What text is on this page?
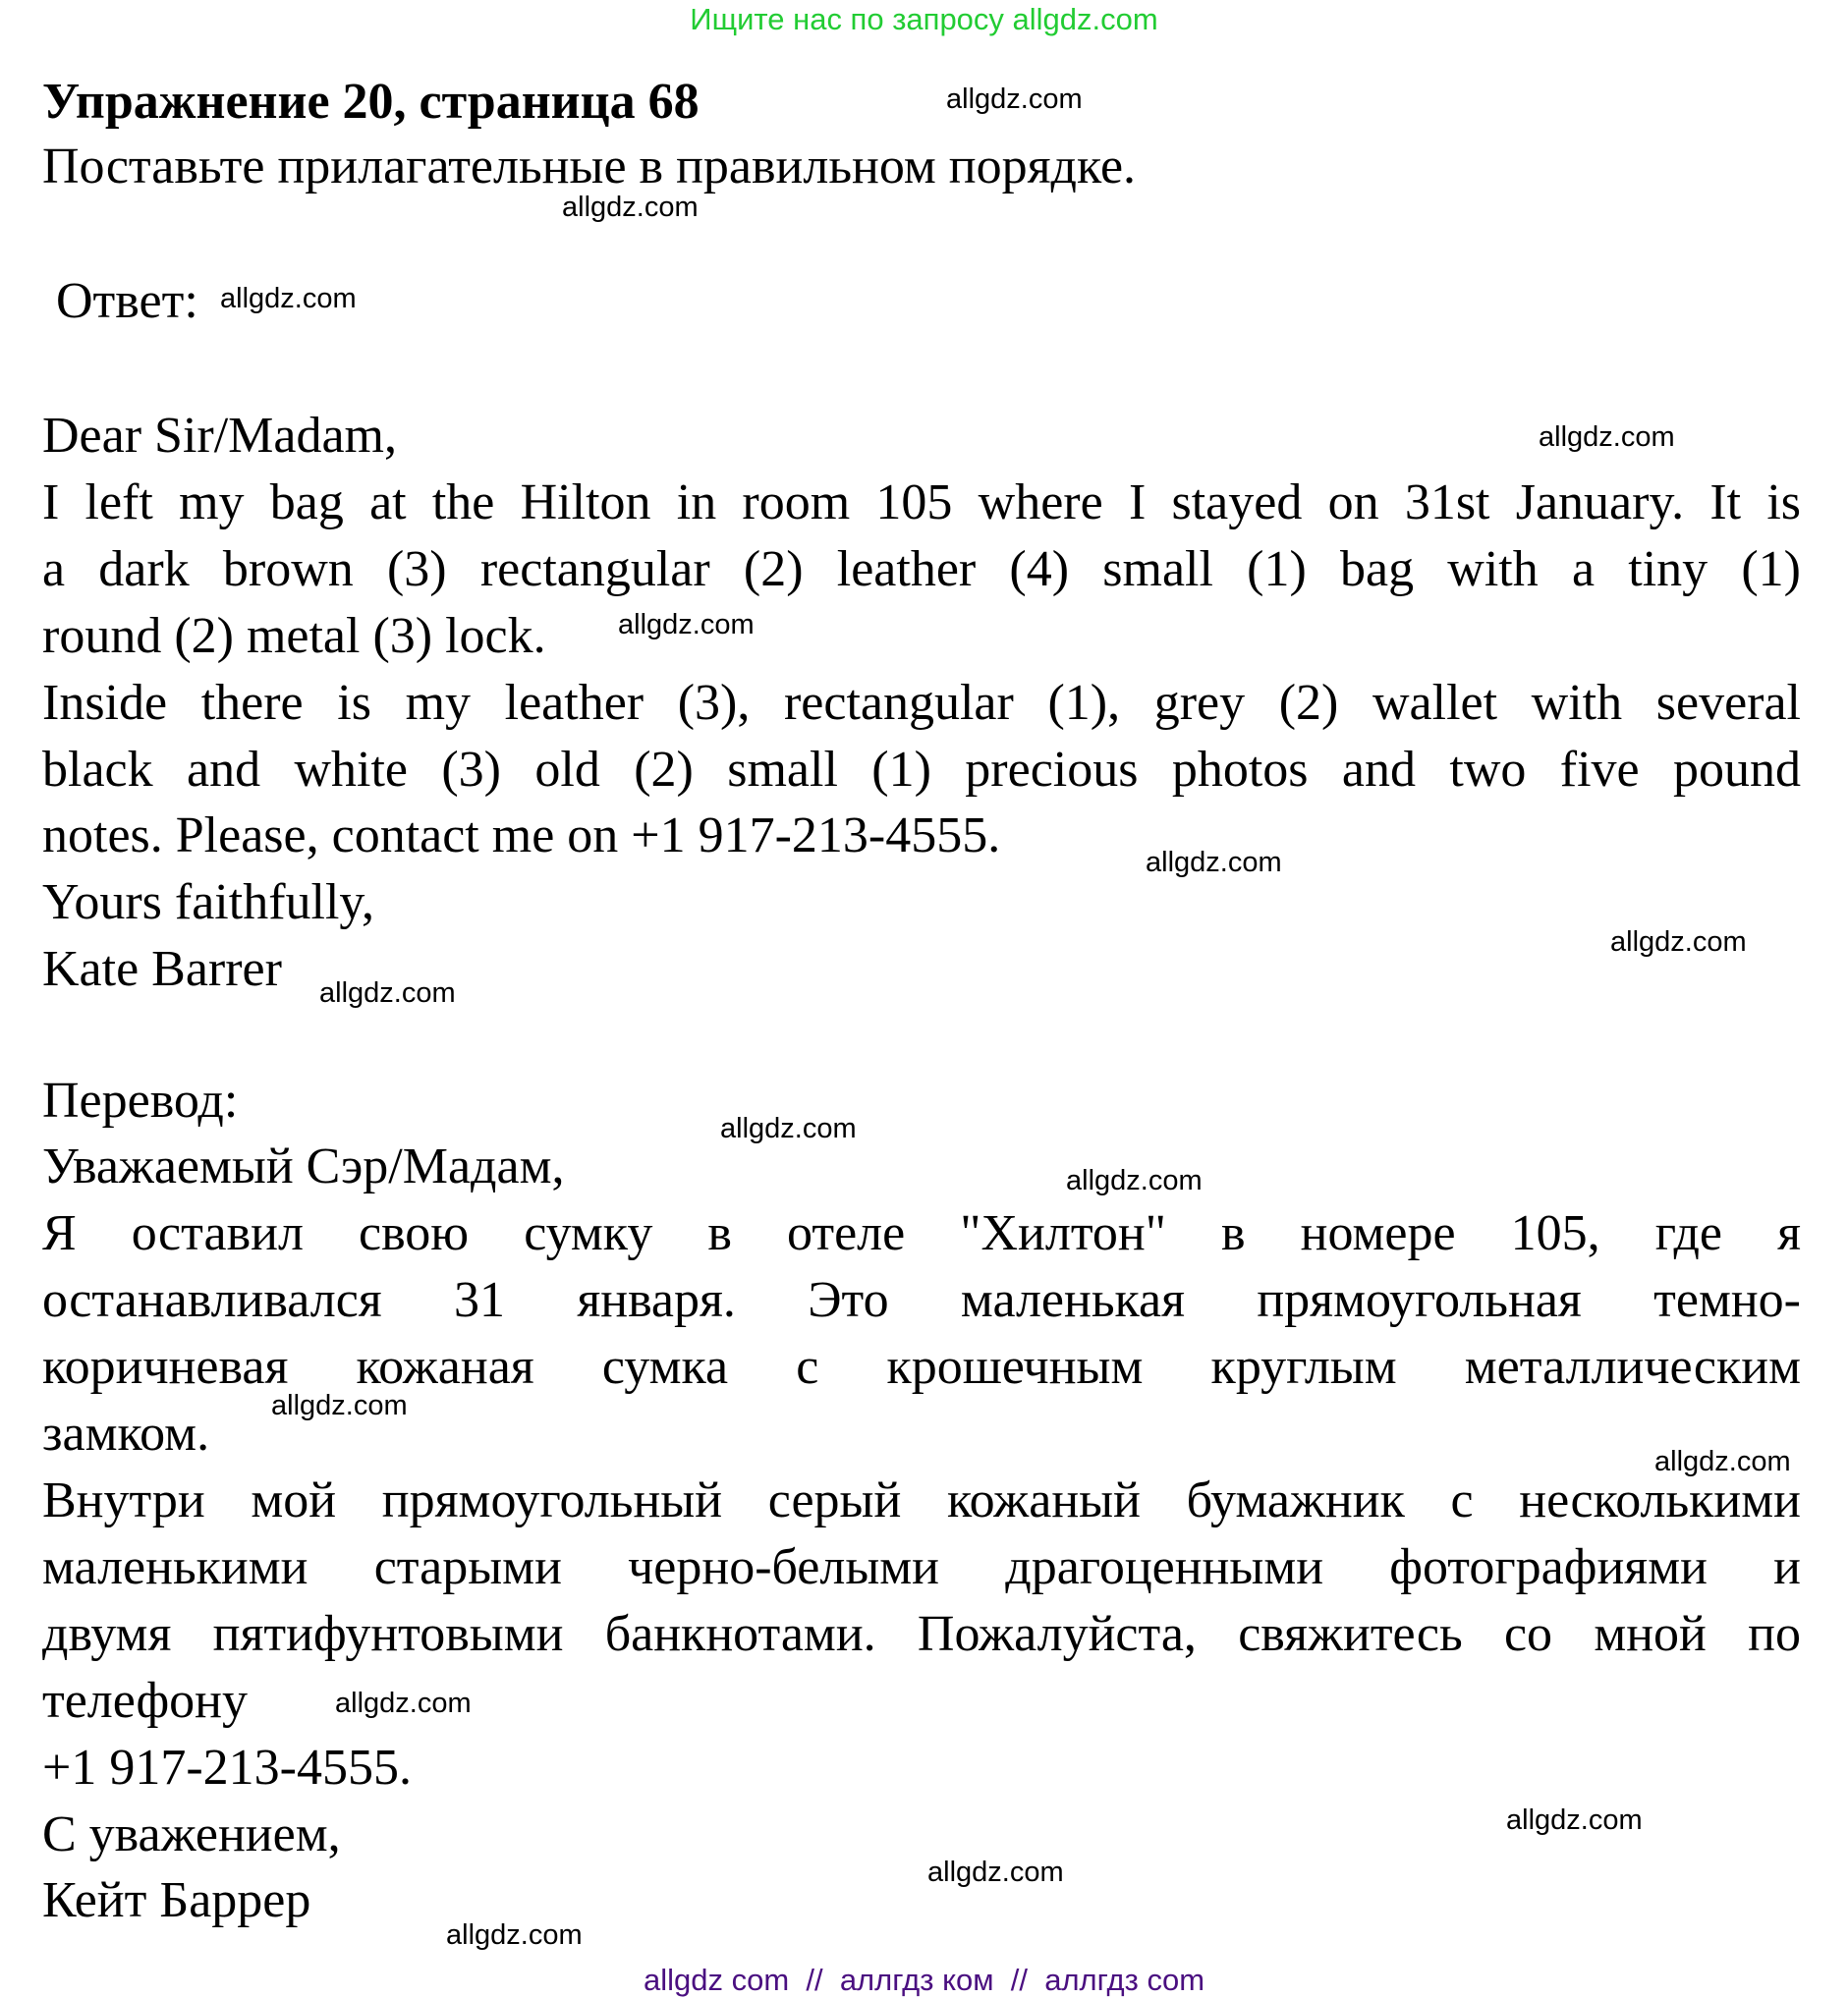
Ищите нас по запросу allgdz.com
Упражнение 20, страница 68
Поставьте прилагательные в правильном порядке.
Ответ:
Dear Sir/Madam,
I left my bag at the Hilton in room 105 where I stayed on 31st January. It is
a dark brown (3) rectangular (2) leather (4) small (1) bag with a tiny (1)
round (2) metal (3) lock.
Inside there is my leather (3), rectangular (1), grey (2) wallet with several
black and white (3) old (2) small (1) precious photos and two five pound
notes. Please, contact me on +1 917-213-4555.
Yours faithfully,
Kate Barrer
Перевод:
Уважаемый Сэр/Мадам,
Я оставил свою сумку в отеле "Хилтон" в номере 105, где я
останавливался 31 января. Это маленькая прямоугольная темно-
коричневая кожаная сумка с крошечным круглым металлическим
замком.
Внутри мой прямоугольный серый кожаный бумажник с несколькими
маленькими старыми черно-белыми драгоценными фотографиями и
двумя пятифунтовыми банкнотами. Пожалуйста, свяжитесь со мной по
телефону
+1 917-213-4555.
С уважением,
Кейт Баррер
allgdz.com
allgdz.com
allgdz.com
allgdz.com
allgdz.com
allgdz.com
allgdz.com
allgdz.com
allgdz.com
allgdz.com
allgdz.com
allgdz.com
allgdz.com
allgdz.com
allgdz.com
allgdz.com
allgdz com  //  аллгдз ком  //  аллгдз com
